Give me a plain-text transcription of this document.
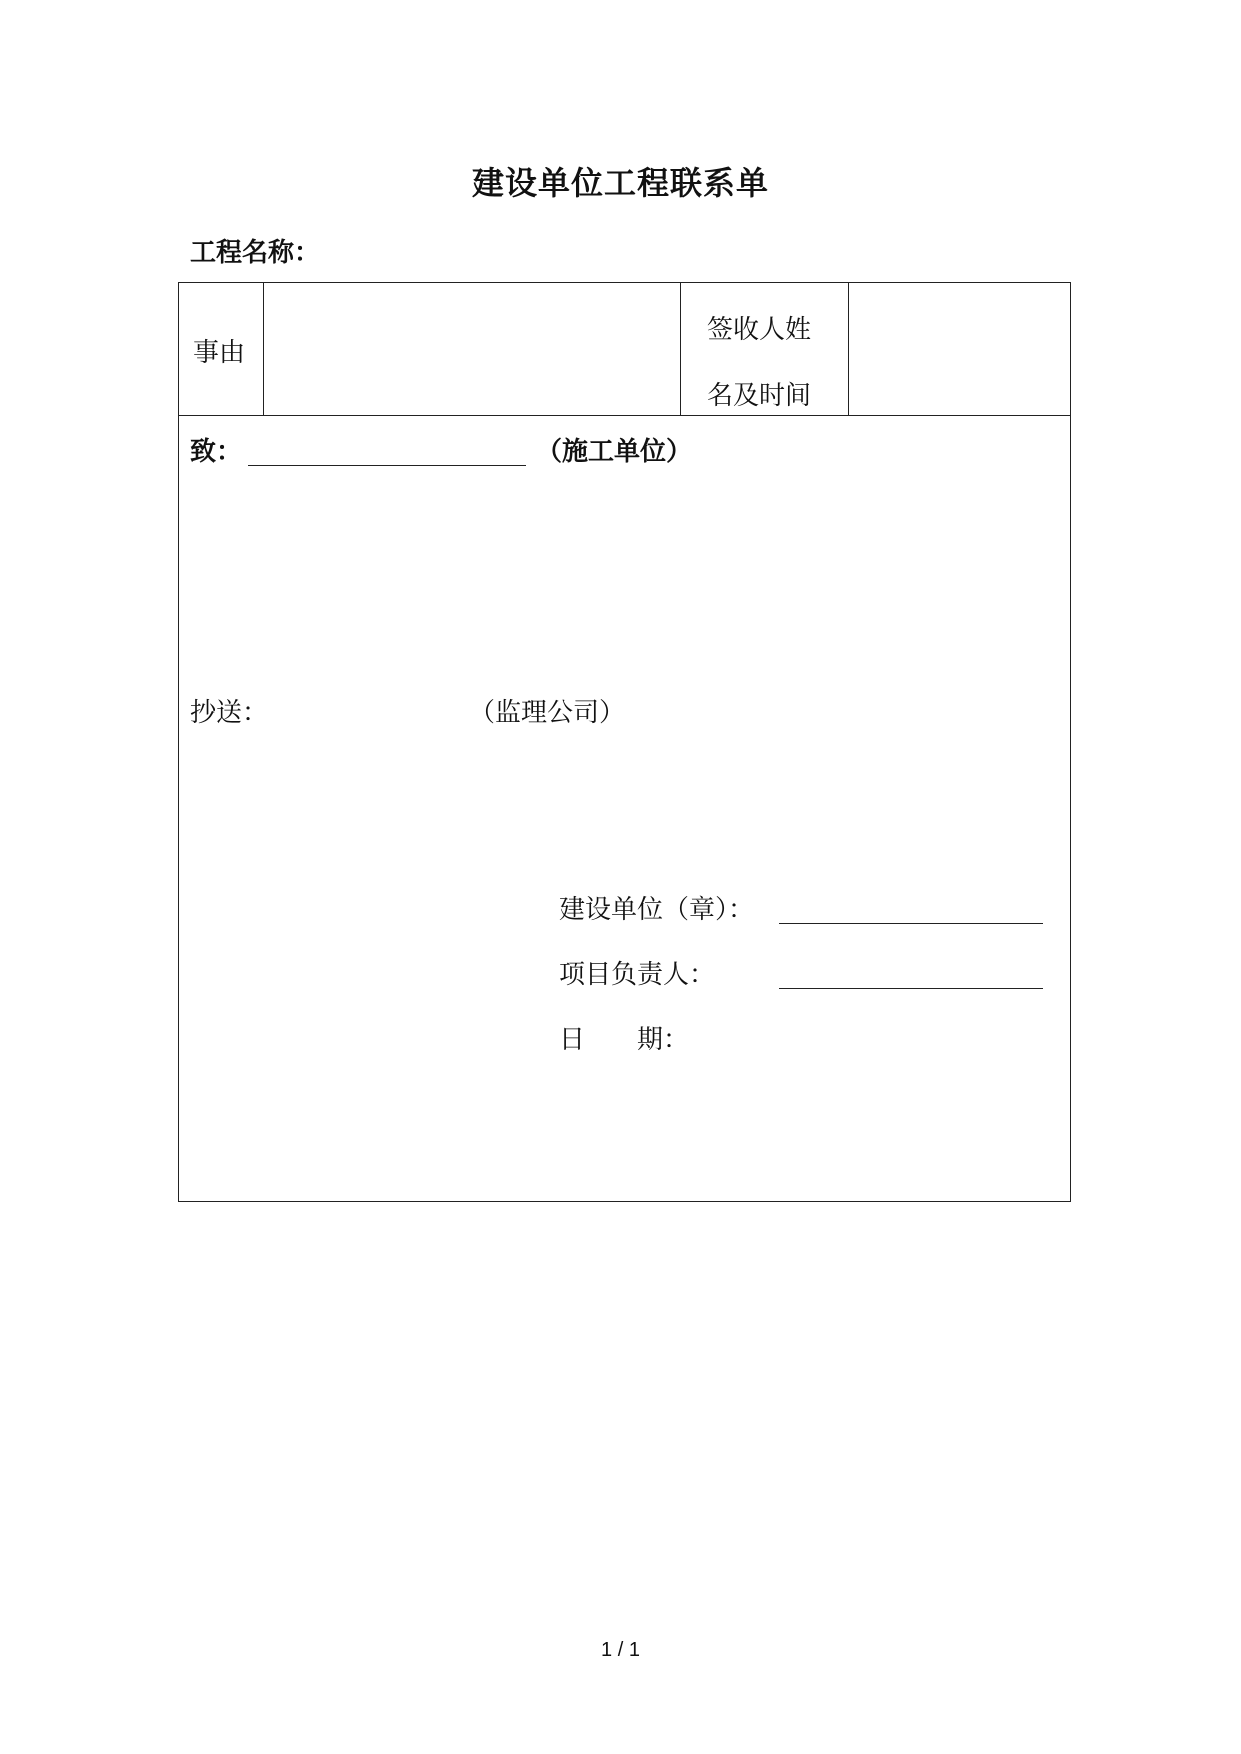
建设单位工程联系单
工程名称：
事由
签收人姓
名及时间
致：	（施工单位）
抄送：	（监理公司）
建设单位（章）：
项目负责人：
日　　期：
1 / 1
